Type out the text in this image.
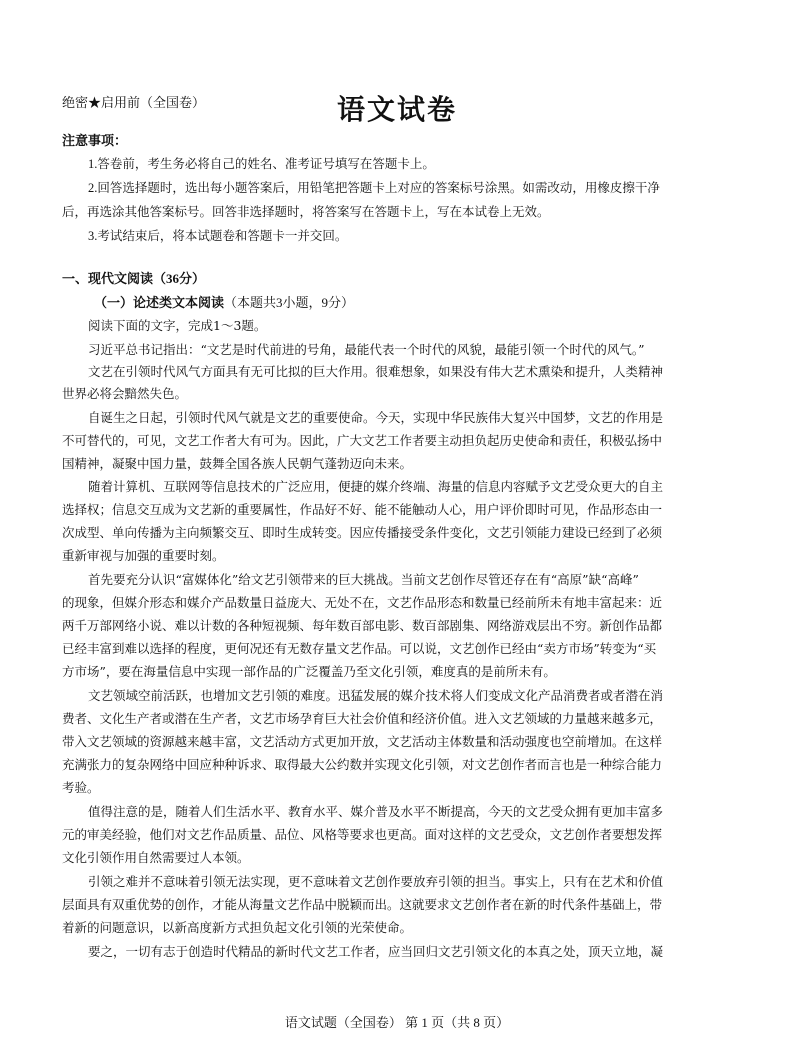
绝密★启用前（全国卷）	语文试卷
注意事项：
1.答卷前，考生务必将自己的姓名、准考证号填写在答题卡上。
2.回答选择题时，选出每小题答案后，用铅笔把答题卡上对应的答案标号涂黑。如需改动，用橡皮擦干净
后，再选涂其他答案标号。回答非选择题时，将答案写在答题卡上，写在本试卷上无效。
3.考试结束后，将本试题卷和答题卡一并交回。
一、现代文阅读（36分）
（一）论述类文本阅读（本题共3小题，9分）
阅读下面的文字，完成1～3题。
习近平总书记指出：“文艺是时代前进的号角，最能代表一个时代的风貌，最能引领一个时代的风气。”
文艺在引领时代风气方面具有无可比拟的巨大作用。很难想象，如果没有伟大艺术熏染和提升，人类精神
世界必将会黯然失色。
自诞生之日起，引领时代风气就是文艺的重要使命。今天，实现中华民族伟大复兴中国梦，文艺的作用是
不可替代的，可见，文艺工作者大有可为。因此，广大文艺工作者要主动担负起历史使命和责任，积极弘扬中
国精神，凝聚中国力量，鼓舞全国各族人民朝气蓬勃迈向未来。
随着计算机、互联网等信息技术的广泛应用，便捷的媒介终端、海量的信息内容赋予文艺受众更大的自主
选择权；信息交互成为文艺新的重要属性，作品好不好、能不能触动人心，用户评价即时可见，作品形态由一
次成型、单向传播为主向频繁交互、即时生成转变。因应传播接受条件变化，文艺引领能力建设已经到了必须
重新审视与加强的重要时刻。
首先要充分认识“富媒体化”给文艺引领带来的巨大挑战。当前文艺创作尽管还存在有“高原”缺“高峰”
的现象，但媒介形态和媒介产品数量日益庞大、无处不在，文艺作品形态和数量已经前所未有地丰富起来：近
两千万部网络小说、难以计数的各种短视频、每年数百部电影、数百部剧集、网络游戏层出不穷。新创作品都
已经丰富到难以选择的程度，更何况还有无数存量文艺作品。可以说，文艺创作已经由“卖方市场”转变为“买
方市场”，要在海量信息中实现一部作品的广泛覆盖乃至文化引领，难度真的是前所未有。
文艺领域空前活跃，也增加文艺引领的难度。迅猛发展的媒介技术将人们变成文化产品消费者或者潜在消
费者、文化生产者或潜在生产者，文艺市场孕育巨大社会价值和经济价值。进入文艺领域的力量越来越多元，
带入文艺领域的资源越来越丰富，文艺活动方式更加开放，文艺活动主体数量和活动强度也空前增加。在这样
充满张力的复杂网络中回应种种诉求、取得最大公约数并实现文化引领，对文艺创作者而言也是一种综合能力
考验。
值得注意的是，随着人们生活水平、教育水平、媒介普及水平不断提高，今天的文艺受众拥有更加丰富多
元的审美经验，他们对文艺作品质量、品位、风格等要求也更高。面对这样的文艺受众，文艺创作者要想发挥
文化引领作用自然需要过人本领。
引领之难并不意味着引领无法实现，更不意味着文艺创作要放弃引领的担当。事实上，只有在艺术和价值
层面具有双重优势的创作，才能从海量文艺作品中脱颖而出。这就要求文艺创作者在新的时代条件基础上，带
着新的问题意识，以新高度新方式担负起文化引领的光荣使命。
要之，一切有志于创造时代精品的新时代文艺工作者，应当回归文艺引领文化的本真之处，顶天立地，凝
语文试题（全国卷） 第 1 页（共 8 页）
